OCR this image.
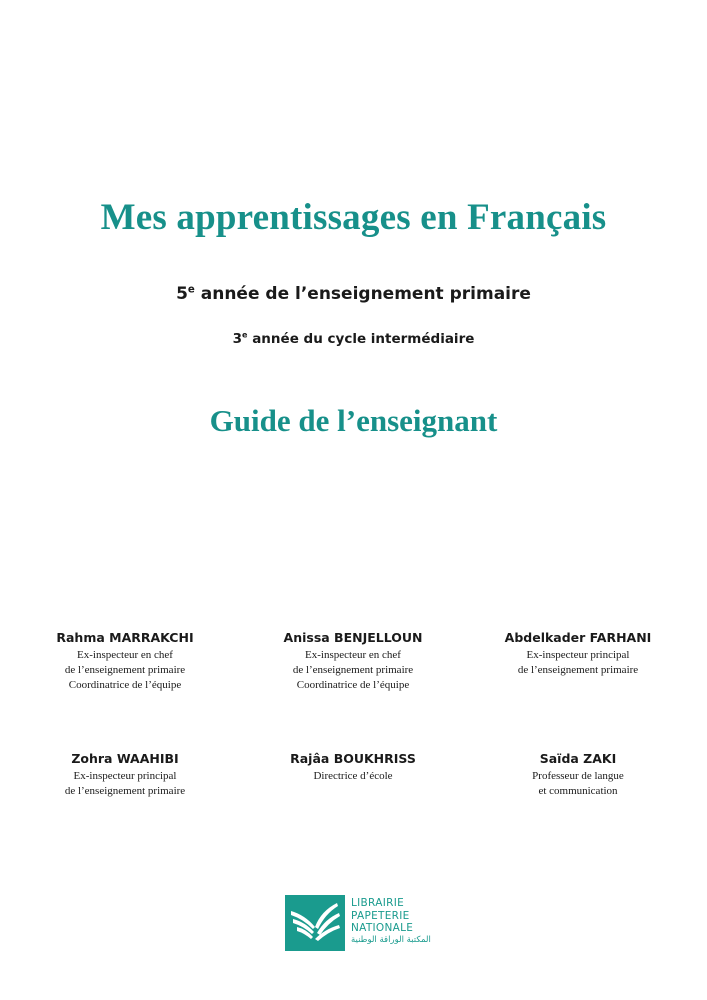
Mes apprentissages en Français
5e année de l’enseignement primaire
3e année du cycle intermédiaire
Guide de l’enseignant
Rahma MARRAKCHI
Ex-inspecteur en chef
de l’enseignement primaire
Coordinatrice de l’équipe
Anissa BENJELLOUN
Ex-inspecteur en chef
de l’enseignement primaire
Coordinatrice de l’équipe
Abdelkader FARHANI
Ex-inspecteur principal
de l’enseignement primaire
Zohra WAAHIBI
Ex-inspecteur principal
de l’enseignement primaire
Rajâa BOUKHRISS
Directrice d’école
Saïda ZAKI
Professeur de langue
et communication
LIBRAIRIE
PAPETERIE
NATIONALE
المكتبة الوراقة الوطنية
